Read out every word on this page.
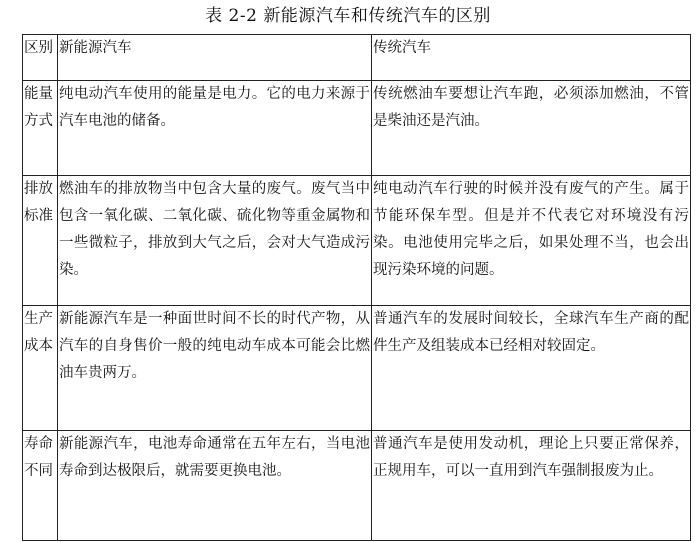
表 2-2 新能源汽车和传统汽车的区别
区别	新能源汽车	传统汽车
能量方式	纯电动汽车使用的能量是电力。它的电力来源于汽车电池的储备。	传统燃油车要想让汽车跑，必须添加燃油，不管是柴油还是汽油。
排放标准	燃油车的排放物当中包含大量的废气。废气当中包含一氧化碳、二氧化碳、硫化物等重金属物和一些微粒子，排放到大气之后，会对大气造成污染。	纯电动汽车行驶的时候并没有废气的产生。属于节能环保车型。但是并不代表它对环境没有污染。电池使用完毕之后，如果处理不当，也会出现污染环境的问题。
生产成本	新能源汽车是一种面世时间不长的时代产物，从汽车的自身售价一般的纯电动车成本可能会比燃油车贵两万。	普通汽车的发展时间较长，全球汽车生产商的配件生产及组装成本已经相对较固定。
寿命不同	新能源汽车，电池寿命通常在五年左右，当电池寿命到达极限后，就需要更换电池。	普通汽车是使用发动机，理论上只要正常保养，正规用车，可以一直用到汽车强制报废为止。
